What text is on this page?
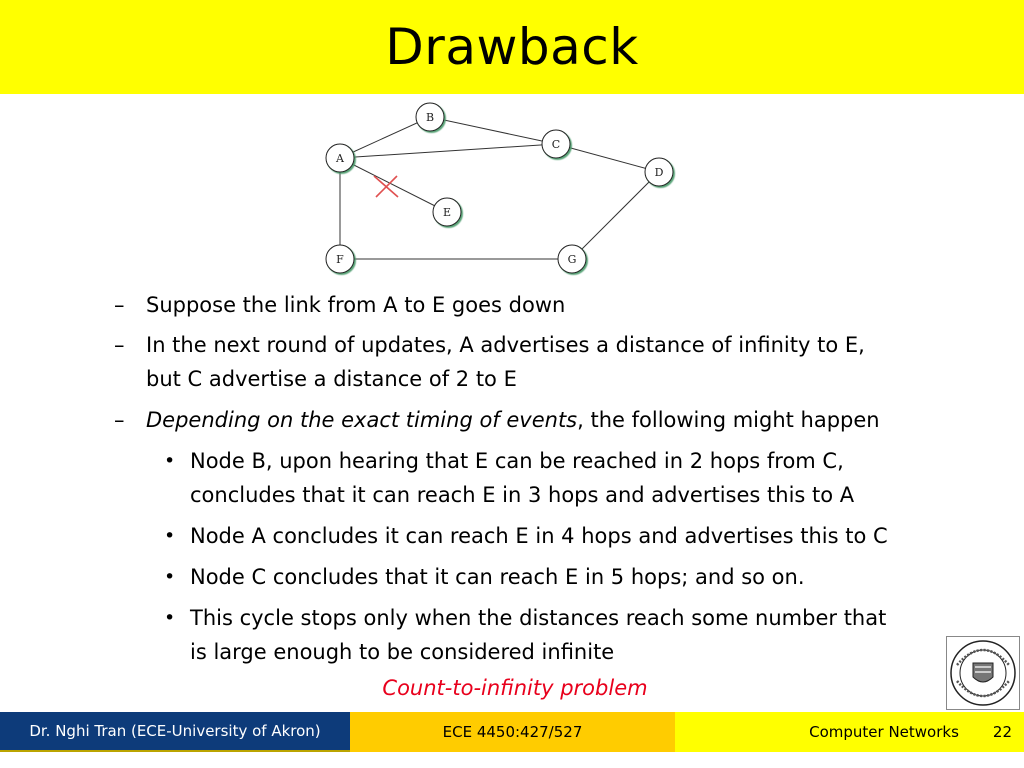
Drawback
A
B
C
D
E
F	G
– Suppose the link from A to E goes down
– In the next round of updates, A advertises a distance of infinity to E,
but C advertise a distance of 2 to E
– Depending on the exact timing of events, the following might happen
• Node B, upon hearing that E can be reached in 2 hops from C,
concludes that it can reach E in 3 hops and advertises this to A
• Node A concludes it can reach E in 4 hops and advertises this to C
• Node C concludes that it can reach E in 5 hops; and so on.
• This cycle stops only when the distances reach some number that
is large enough to be considered infinite
Count-to-infinity problem
Dr. Nghi Tran (ECE-University of Akron)	ECE 4450:427/527	Computer Networks 22
